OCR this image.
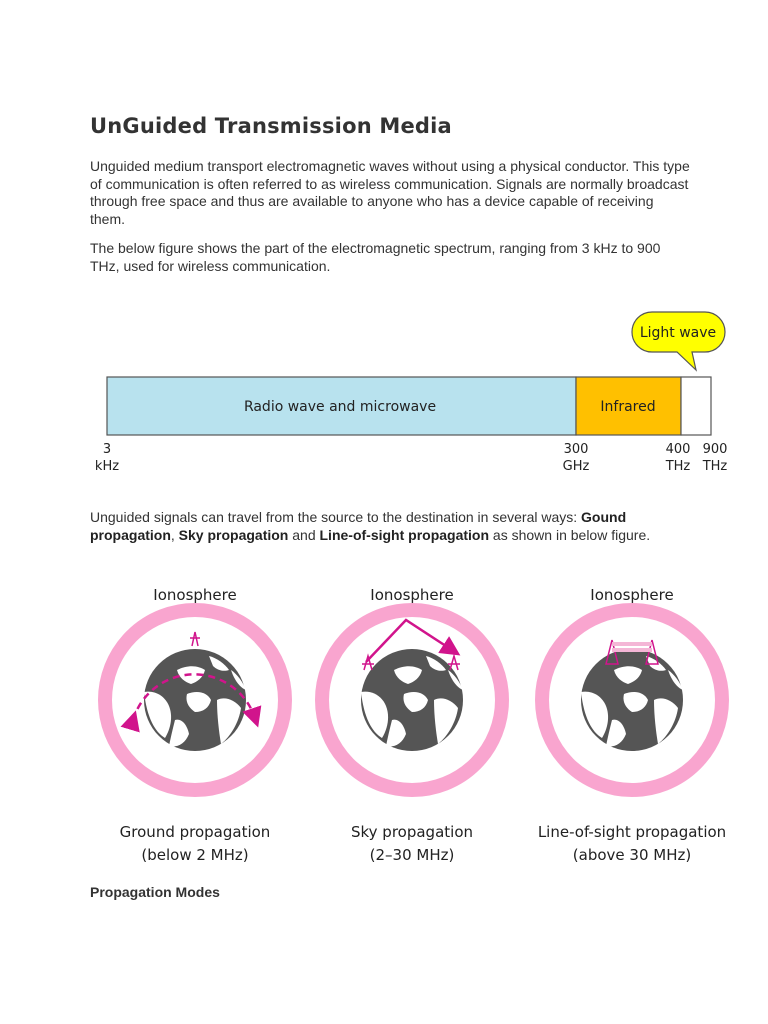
UnGuided Transmission Media

Unguided medium transport electromagnetic waves without using a physical conductor. This type of communication is often referred to as wireless communication. Signals are normally broadcast through free space and thus are available to anyone who has a device capable of receiving them.

The below figure shows the part of the electromagnetic spectrum, ranging from 3 kHz to 900 THz, used for wireless communication.

Radio wave and microwave	Infrared
Light wave
3
kHz
300
GHz
400
THz
900
THz

Unguided signals can travel from the source to the destination in several ways: Gound propagation, Sky propagation and Line-of-sight propagation as shown in below figure.

Ionosphere
Ground propagation
(below 2 MHz)
Ionosphere
Sky propagation
(2–30 MHz)
Ionosphere
Line-of-sight propagation
(above 30 MHz)

Propagation Modes
